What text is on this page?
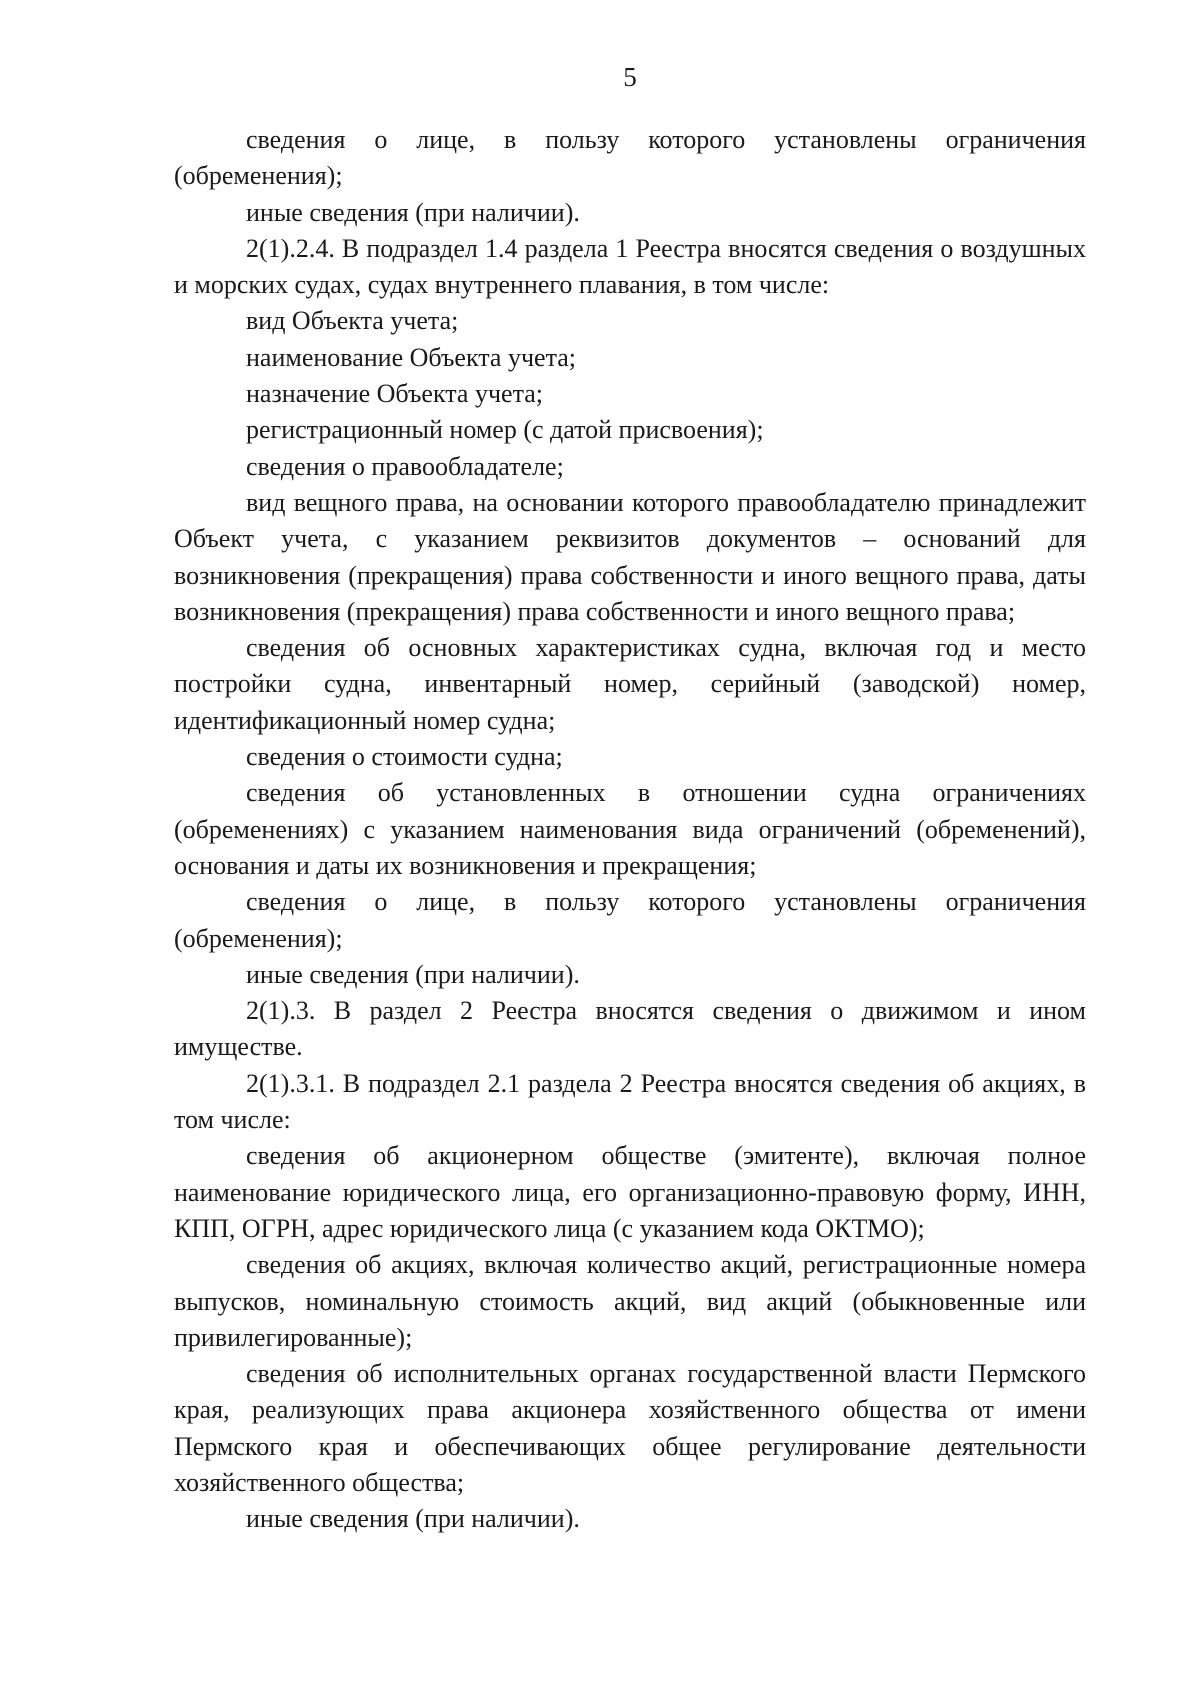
5

сведения о лице, в пользу которого установлены ограничения (обременения);

иные сведения (при наличии).

2(1).2.4. В подраздел 1.4 раздела 1 Реестра вносятся сведения о воздушных и морских судах, судах внутреннего плавания, в том числе:

вид Объекта учета;

наименование Объекта учета;

назначение Объекта учета;

регистрационный номер (с датой присвоения);

сведения о правообладателе;

вид вещного права, на основании которого правообладателю принадлежит Объект учета, с указанием реквизитов документов – оснований для возникновения (прекращения) права собственности и иного вещного права, даты возникновения (прекращения) права собственности и иного вещного права;

сведения об основных характеристиках судна, включая год и место постройки судна, инвентарный номер, серийный (заводской) номер, идентификационный номер судна;

сведения о стоимости судна;

сведения об установленных в отношении судна ограничениях (обременениях) с указанием наименования вида ограничений (обременений), основания и даты их возникновения и прекращения;

сведения о лице, в пользу которого установлены ограничения (обременения);

иные сведения (при наличии).

2(1).3. В раздел 2 Реестра вносятся сведения о движимом и ином имуществе.

2(1).3.1. В подраздел 2.1 раздела 2 Реестра вносятся сведения об акциях, в том числе:

сведения об акционерном обществе (эмитенте), включая полное наименование юридического лица, его организационно-правовую форму, ИНН, КПП, ОГРН, адрес юридического лица (с указанием кода ОКТМО);

сведения об акциях, включая количество акций, регистрационные номера выпусков, номинальную стоимость акций, вид акций (обыкновенные или привилегированные);

сведения об исполнительных органах государственной власти Пермского края, реализующих права акционера хозяйственного общества от имени Пермского края и обеспечивающих общее регулирование деятельности хозяйственного общества;

иные сведения (при наличии).
